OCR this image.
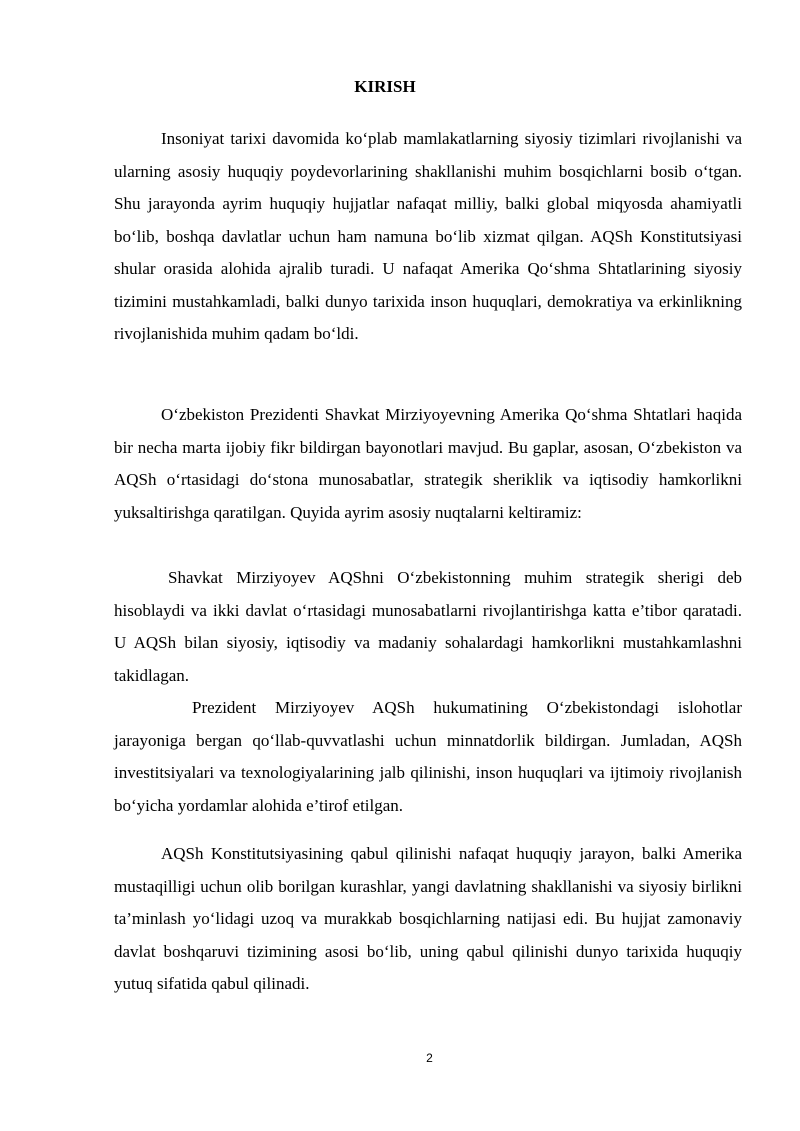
KIRISH

Insoniyat tarixi davomida ko‘plab mamlakatlarning siyosiy tizimlari rivojlanishi va ularning asosiy huquqiy poydevorlarining shakllanishi muhim bosqichlarni bosib o‘tgan. Shu jarayonda ayrim huquqiy hujjatlar nafaqat milliy, balki global miqyosda ahamiyatli bo‘lib, boshqa davlatlar uchun ham namuna bo‘lib xizmat qilgan. AQSh Konstitutsiyasi shular orasida alohida ajralib turadi. U nafaqat Amerika Qo‘shma Shtatlarining siyosiy tizimini mustahkamladi, balki dunyo tarixida inson huquqlari, demokratiya va erkinlikning rivojlanishida muhim qadam bo‘ldi.

O‘zbekiston Prezidenti Shavkat Mirziyoyevning Amerika Qo‘shma Shtatlari haqida bir necha marta ijobiy fikr bildirgan bayonotlari mavjud. Bu gaplar, asosan, O‘zbekiston va AQSh o‘rtasidagi do‘stona munosabatlar, strategik sheriklik va iqtisodiy hamkorlikni yuksaltirishga qaratilgan. Quyida ayrim asosiy nuqtalarni keltiramiz:

Shavkat Mirziyoyev AQShni O‘zbekistonning muhim strategik sherigi deb hisoblaydi va ikki davlat o‘rtasidagi munosabatlarni rivojlantirishga katta e’tibor qaratadi. U AQSh bilan siyosiy, iqtisodiy va madaniy sohalardagi hamkorlikni mustahkamlashni takidlagan.

Prezident Mirziyoyev AQSh hukumatining O‘zbekistondagi islohotlar jarayoniga bergan qo‘llab-quvvatlashi uchun minnatdorlik bildirgan. Jumladan, AQSh investitsiyalari va texnologiyalarining jalb qilinishi, inson huquqlari va ijtimoiy rivojlanish bo‘yicha yordamlar alohida e’tirof etilgan.

AQSh Konstitutsiyasining qabul qilinishi nafaqat huquqiy jarayon, balki Amerika mustaqilligi uchun olib borilgan kurashlar, yangi davlatning shakllanishi va siyosiy birlikni ta’minlash yo‘lidagi uzoq va murakkab bosqichlarning natijasi edi. Bu hujjat zamonaviy davlat boshqaruvi tizimining asosi bo‘lib, uning qabul qilinishi dunyo tarixida huquqiy yutuq sifatida qabul qilinadi.

2
